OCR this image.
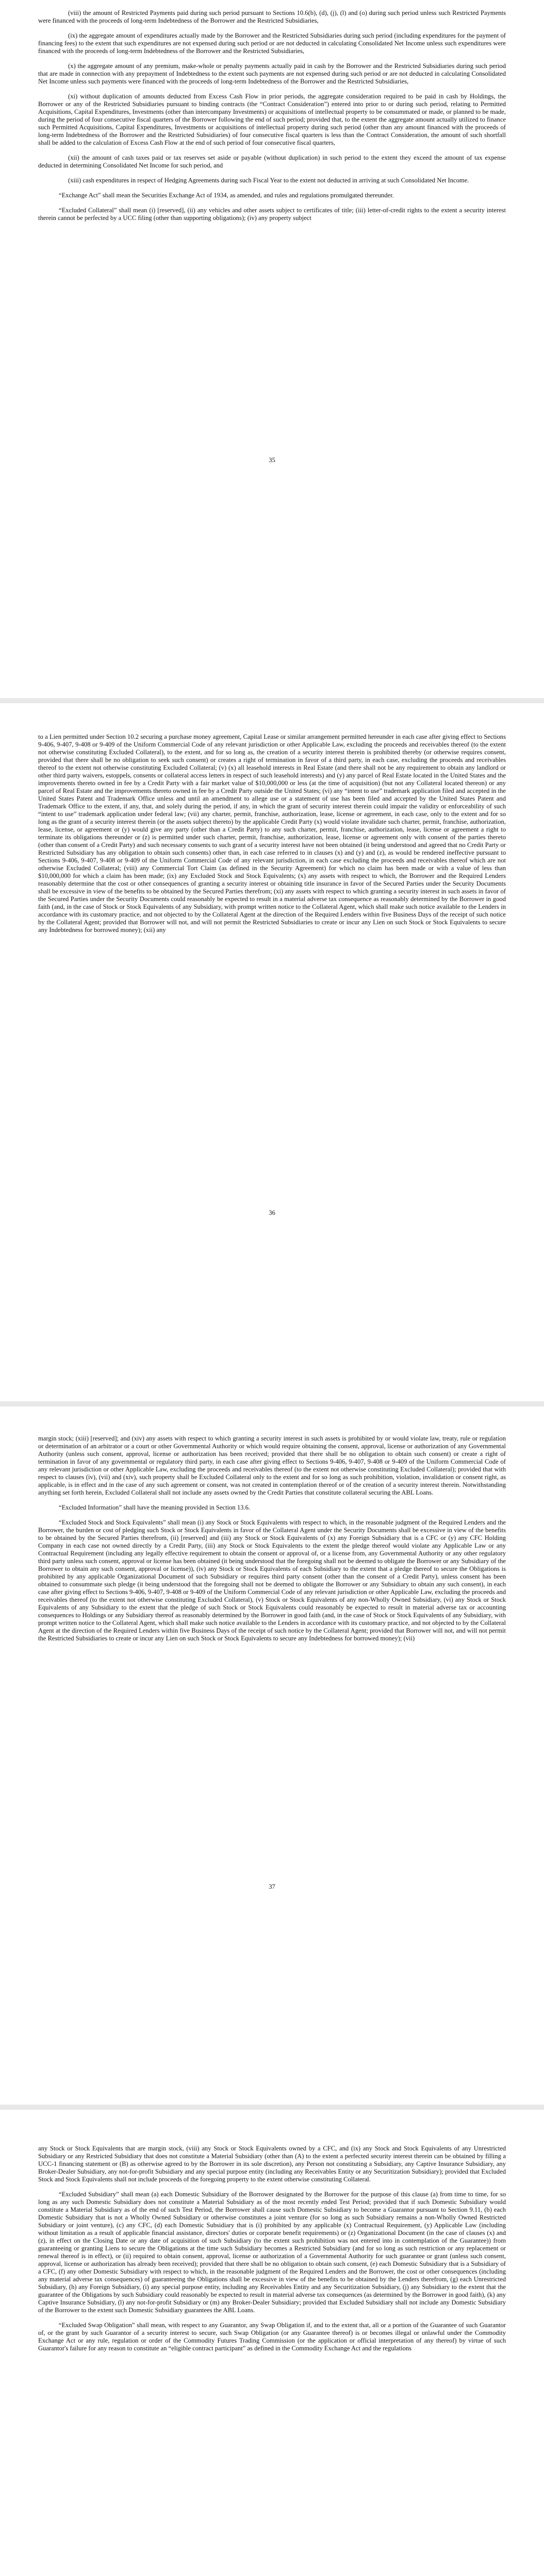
(viii) the amount of Restricted Payments paid during such period pursuant to Sections 10.6(b), (d), (j), (l) and (o) during such period unless such Restricted Payments were financed with the proceeds of long-term Indebtedness of the Borrower and the Restricted Subsidiaries,

(ix) the aggregate amount of expenditures actually made by the Borrower and the Restricted Subsidiaries during such period (including expenditures for the payment of financing fees) to the extent that such expenditures are not expensed during such period or are not deducted in calculating Consolidated Net Income unless such expenditures were financed with the proceeds of long-term Indebtedness of the Borrower and the Restricted Subsidiaries,

(x) the aggregate amount of any premium, make-whole or penalty payments actually paid in cash by the Borrower and the Restricted Subsidiaries during such period that are made in connection with any prepayment of Indebtedness to the extent such payments are not expensed during such period or are not deducted in calculating Consolidated Net Income unless such payments were financed with the proceeds of long-term Indebtedness of the Borrower and the Restricted Subsidiaries,

(xi) without duplication of amounts deducted from Excess Cash Flow in prior periods, the aggregate consideration required to be paid in cash by Holdings, the Borrower or any of the Restricted Subsidiaries pursuant to binding contracts (the “Contract Consideration”) entered into prior to or during such period, relating to Permitted Acquisitions, Capital Expenditures, Investments (other than intercompany Investments) or acquisitions of intellectual property to be consummated or made, or planned to be made, during the period of four consecutive fiscal quarters of the Borrower following the end of such period; provided that, to the extent the aggregate amount actually utilized to finance such Permitted Acquisitions, Capital Expenditures, Investments or acquisitions of intellectual property during such period (other than any amount financed with the proceeds of long-term Indebtedness of the Borrower and the Restricted Subsidiaries) of four consecutive fiscal quarters is less than the Contract Consideration, the amount of such shortfall shall be added to the calculation of Excess Cash Flow at the end of such period of four consecutive fiscal quarters,

(xii) the amount of cash taxes paid or tax reserves set aside or payable (without duplication) in such period to the extent they exceed the amount of tax expense deducted in determining Consolidated Net Income for such period, and

(xiii) cash expenditures in respect of Hedging Agreements during such Fiscal Year to the extent not deducted in arriving at such Consolidated Net Income.

“Exchange Act” shall mean the Securities Exchange Act of 1934, as amended, and rules and regulations promulgated thereunder.

“Excluded Collateral” shall mean (i) [reserved], (ii) any vehicles and other assets subject to certificates of title; (iii) letter-of-credit rights to the extent a security interest therein cannot be perfected by a UCC filing (other than supporting obligations); (iv) any property subject

35

to a Lien permitted under Section 10.2 securing a purchase money agreement, Capital Lease or similar arrangement permitted hereunder in each case after giving effect to Sections 9-406, 9-407, 9-408 or 9-409 of the Uniform Commercial Code of any relevant jurisdiction or other Applicable Law, excluding the proceeds and receivables thereof (to the extent not otherwise constituting Excluded Collateral), to the extent, and for so long as, the creation of a security interest therein is prohibited thereby (or otherwise requires consent, provided that there shall be no obligation to seek such consent) or creates a right of termination in favor of a third party, in each case, excluding the proceeds and receivables thereof to the extent not otherwise constituting Excluded Collateral; (v) (x) all leasehold interests in Real Estate (and there shall not be any requirement to obtain any landlord or other third party waivers, estoppels, consents or collateral access letters in respect of such leasehold interests) and (y) any parcel of Real Estate located in the United States and the improvements thereto owned in fee by a Credit Party with a fair market value of $10,000,000 or less (at the time of acquisition) (but not any Collateral located thereon) or any parcel of Real Estate and the improvements thereto owned in fee by a Credit Party outside the United States; (vi) any “intent to use” trademark application filed and accepted in the United States Patent and Trademark Office unless and until an amendment to allege use or a statement of use has been filed and accepted by the United States Patent and Trademark Office to the extent, if any, that, and solely during the period, if any, in which the grant of security interest therein could impair the validity or enforceability of such “intent to use” trademark application under federal law; (vii) any charter, permit, franchise, authorization, lease, license or agreement, in each case, only to the extent and for so long as the grant of a security interest therein (or the assets subject thereto) by the applicable Credit Party (x) would violate invalidate such charter, permit, franchise, authorization, lease, license, or agreement or (y) would give any party (other than a Credit Party) to any such charter, permit, franchise, authorization, lease, license or agreement a right to terminate its obligations thereunder or (z) is permitted under such charter, permit, franchise, authorization, lease, license or agreement only with consent of the parties thereto (other than consent of a Credit Party) and such necessary consents to such grant of a security interest have not been obtained (it being understood and agreed that no Credit Party or Restricted Subsidiary has any obligation to obtain such consents) other than, in each case referred to in clauses (x) and (y) and (z), as would be rendered ineffective pursuant to Sections 9-406, 9-407, 9-408 or 9-409 of the Uniform Commercial Code of any relevant jurisdiction, in each case excluding the proceeds and receivables thereof which are not otherwise Excluded Collateral; (viii) any Commercial Tort Claim (as defined in the Security Agreement) for which no claim has been made or with a value of less than $10,000,000 for which a claim has been made; (ix) any Excluded Stock and Stock Equivalents; (x) any assets with respect to which, the Borrower and the Required Lenders reasonably determine that the cost or other consequences of granting a security interest or obtaining title insurance in favor of the Secured Parties under the Security Documents shall be excessive in view of the benefits to be obtained by the Secured Parties therefrom; (xi) any assets with respect to which granting a security interest in such assets in favor of the Secured Parties under the Security Documents could reasonably be expected to result in a material adverse tax consequence as reasonably determined by the Borrower in good faith (and, in the case of Stock or Stock Equivalents of any Subsidiary, with prompt written notice to the Collateral Agent, which shall make such notice available to the Lenders in accordance with its customary practice, and not objected to by the Collateral Agent at the direction of the Required Lenders within five Business Days of the receipt of such notice by the Collateral Agent; provided that Borrower will not, and will not permit the Restricted Subsidiaries to create or incur any Lien on such Stock or Stock Equivalents to secure any Indebtedness for borrowed money); (xii) any

36

margin stock; (xiii) [reserved]; and (xiv) any assets with respect to which granting a security interest in such assets is prohibited by or would violate law, treaty, rule or regulation or determination of an arbitrator or a court or other Governmental Authority or which would require obtaining the consent, approval, license or authorization of any Governmental Authority (unless such consent, approval, license or authorization has been received; provided that there shall be no obligation to obtain such consent) or create a right of termination in favor of any governmental or regulatory third party, in each case after giving effect to Sections 9-406, 9-407, 9-408 or 9-409 of the Uniform Commercial Code of any relevant jurisdiction or other Applicable Law, excluding the proceeds and receivables thereof (to the extent not otherwise constituting Excluded Collateral); provided that with respect to clauses (iv), (vii) and (xiv), such property shall be Excluded Collateral only to the extent and for so long as such prohibition, violation, invalidation or consent right, as applicable, is in effect and in the case of any such agreement or consent, was not created in contemplation thereof or of the creation of a security interest therein. Notwithstanding anything set forth herein, Excluded Collateral shall not include any assets owned by the Credit Parties that constitute collateral securing the ABL Loans.

“Excluded Information” shall have the meaning provided in Section 13.6.

“Excluded Stock and Stock Equivalents” shall mean (i) any Stock or Stock Equivalents with respect to which, in the reasonable judgment of the Required Lenders and the Borrower, the burden or cost of pledging such Stock or Stock Equivalents in favor of the Collateral Agent under the Security Documents shall be excessive in view of the benefits to be obtained by the Secured Parties therefrom, (ii) [reserved] and (iii) any Stock or Stock Equivalents of (x) any Foreign Subsidiary that is a CFC or (y) any CFC Holding Company in each case not owned directly by a Credit Party, (iii) any Stock or Stock Equivalents to the extent the pledge thereof would violate any Applicable Law or any Contractual Requirement (including any legally effective requirement to obtain the consent or approval of, or a license from, any Governmental Authority or any other regulatory third party unless such consent, approval or license has been obtained (it being understood that the foregoing shall not be deemed to obligate the Borrower or any Subsidiary of the Borrower to obtain any such consent, approval or license)), (iv) any Stock or Stock Equivalents of each Subsidiary to the extent that a pledge thereof to secure the Obligations is prohibited by any applicable Organizational Document of such Subsidiary or requires third party consent (other than the consent of a Credit Party), unless consent has been obtained to consummate such pledge (it being understood that the foregoing shall not be deemed to obligate the Borrower or any Subsidiary to obtain any such consent), in each case after giving effect to Sections 9-406, 9-407, 9-408 or 9-409 of the Uniform Commercial Code of any relevant jurisdiction or other Applicable Law, excluding the proceeds and receivables thereof (to the extent not otherwise constituting Excluded Collateral), (v) Stock or Stock Equivalents of any non-Wholly Owned Subsidiary, (vi) any Stock or Stock Equivalents of any Subsidiary to the extent that the pledge of such Stock or Stock Equivalents could reasonably be expected to result in material adverse tax or accounting consequences to Holdings or any Subsidiary thereof as reasonably determined by the Borrower in good faith (and, in the case of Stock or Stock Equivalents of any Subsidiary, with prompt written notice to the Collateral Agent, which shall make such notice available to the Lenders in accordance with its customary practice, and not objected to by the Collateral Agent at the direction of the Required Lenders within five Business Days of the receipt of such notice by the Collateral Agent; provided that Borrower will not, and will not permit the Restricted Subsidiaries to create or incur any Lien on such Stock or Stock Equivalents to secure any Indebtedness for borrowed money); (vii)

37

any Stock or Stock Equivalents that are margin stock, (viii) any Stock or Stock Equivalents owned by a CFC, and (ix) any Stock and Stock Equivalents of any Unrestricted Subsidiary or any Restricted Subsidiary that does not constitute a Material Subsidiary (other than (A) to the extent a perfected security interest therein can be obtained by filling a UCC-1 financing statement or (B) as otherwise agreed to by the Borrower in its sole discretion), any Person not constituting a Subsidiary, any Captive Insurance Subsidiary, any Broker-Dealer Subsidiary, any not-for-profit Subsidiary and any special purpose entity (including any Receivables Entity or any Securitization Subsidiary); provided that Excluded Stock and Stock Equivalents shall not include proceeds of the foregoing property to the extent otherwise constituting Collateral.

“Excluded Subsidiary” shall mean (a) each Domestic Subsidiary of the Borrower designated by the Borrower for the purpose of this clause (a) from time to time, for so long as any such Domestic Subsidiary does not constitute a Material Subsidiary as of the most recently ended Test Period; provided that if such Domestic Subsidiary would constitute a Material Subsidiary as of the end of such Test Period, the Borrower shall cause such Domestic Subsidiary to become a Guarantor pursuant to Section 9.11, (b) each Domestic Subsidiary that is not a Wholly Owned Subsidiary or otherwise constitutes a joint venture (for so long as such Subsidiary remains a non-Wholly Owned Restricted Subsidiary or joint venture), (c) any CFC, (d) each Domestic Subsidiary that is (i) prohibited by any applicable (x) Contractual Requirement, (y) Applicable Law (including without limitation as a result of applicable financial assistance, directors' duties or corporate benefit requirements) or (z) Organizational Document (in the case of clauses (x) and (z), in effect on the Closing Date or any date of acquisition of such Subsidiary (to the extent such prohibition was not entered into in contemplation of the Guarantee)) from guaranteeing or granting Liens to secure the Obligations at the time such Subsidiary becomes a Restricted Subsidiary (and for so long as such restriction or any replacement or renewal thereof is in effect), or (ii) required to obtain consent, approval, license or authorization of a Governmental Authority for such guarantee or grant (unless such consent, approval, license or authorization has already been received); provided that there shall be no obligation to obtain such consent, (e) each Domestic Subsidiary that is a Subsidiary of a CFC, (f) any other Domestic Subsidiary with respect to which, in the reasonable judgment of the Required Lenders and the Borrower, the cost or other consequences (including any material adverse tax consequences) of guaranteeing the Obligations shall be excessive in view of the benefits to be obtained by the Lenders therefrom, (g) each Unrestricted Subsidiary, (h) any Foreign Subsidiary, (i) any special purpose entity, including any Receivables Entity and any Securitization Subsidiary, (j) any Subsidiary to the extent that the guarantee of the Obligations by such Subsidiary could reasonably be expected to result in material adverse tax consequences (as determined by the Borrower in good faith), (k) any Captive Insurance Subsidiary, (l) any not-for-profit Subsidiary or (m) any Broker-Dealer Subsidiary; provided that Excluded Subsidiary shall not include any Domestic Subsidiary of the Borrower to the extent such Domestic Subsidiary guarantees the ABL Loans.

“Excluded Swap Obligation” shall mean, with respect to any Guarantor, any Swap Obligation if, and to the extent that, all or a portion of the Guarantee of such Guarantor of, or the grant by such Guarantor of a security interest to secure, such Swap Obligation (or any Guarantee thereof) is or becomes illegal or unlawful under the Commodity Exchange Act or any rule, regulation or order of the Commodity Futures Trading Commission (or the application or official interpretation of any thereof) by virtue of such Guarantor's failure for any reason to constitute an “eligible contract participant” as defined in the Commodity Exchange Act and the regulations
